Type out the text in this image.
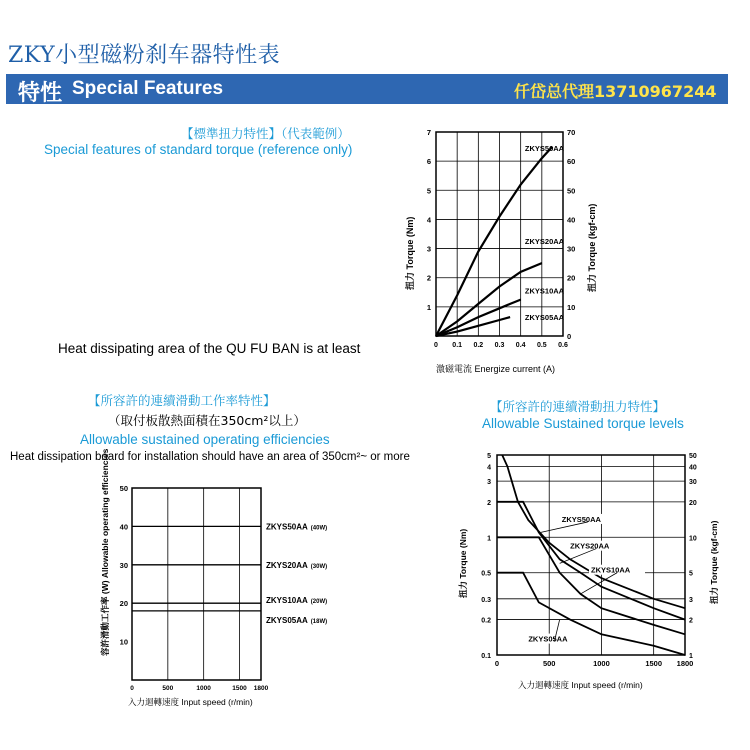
ZKY小型磁粉刹车器特性表
特性 Special Features	仟岱总代理13710967244
【標準扭力特性】（代表範例）
Special features of standard torque (reference only)
Heat dissipating area of the QU FU BAN is at least
【所容許的連續滑動工作率特性】
（取付板散熱面積在350cm²以上）
Allowable sustained operating efficiencies
Heat dissipation board for installation should have an area of 350cm²~ or more
【所容許的連續滑動扭力特性】
Allowable Sustained torque levels
0 0.1 0.2 0.3 0.4 0.5 0.6
1
2
3
4
5
6
7
0
10
20
30
40
50
60
70
ZKYS50AA
ZKYS20AA
ZKYS10AA
ZKYS05AA
激磁電流 Energize current (A)
扭力 Torque (Nm)	扭力 Torque (kgf-cm)
0	500	1000	1500 1800
10
20
30
40
50
ZKYS50AA (40W)
ZKYS20AA (30W)
ZKYS10AA (20W)
ZKYS05AA (18W)
入力迴轉速度 Input speed (r/min)
容許滑動工作率 (W) Allowable operating efficiencies
0	500	1000	1500 1800
0.1	1
0.2	2
0.3	3
0.5	5
1	10
2	20
3	30
4	40
5	50
ZKYS50AA
ZKYS20AA
ZKYS10AA
ZKYS05AA
入力迴轉速度 Input speed (r/min)
扭力 Torque (Nm)	扭力 Torque (kgf-cm)
